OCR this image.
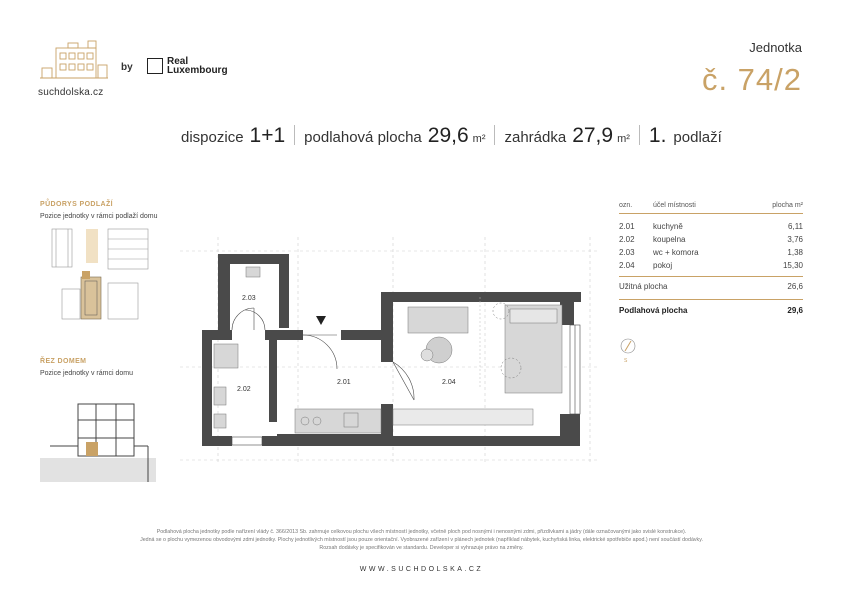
suchdolska.cz
by
Real
Luxembourg
Jednotka
č. 74/2
dispozice 1+1 podlahová plocha 29,6 m² zahrádka 27,9 m² 1. podlaží
PŮDORYS PODLAŽÍ
Pozice jednotky v rámci podlaží domu
ŘEZ DOMEM
Pozice jednotky v rámci domu
2.03
2.02
2.01	2.04
ozn.	účel místnosti	plocha m²
2.01	kuchyně	6,11
2.02	koupelna	3,76
2.03	wc + komora	1,38
2.04	pokoj	15,30
Užitná plocha	26,6
Podlahová plocha	29,6
S
Podlahová plocha jednotky podle nařízení vlády č. 366/2013 Sb. zahrnuje celkovou plochu všech místností jednotky, včetně ploch pod nosnými i nenosnými zdmi, přizdívkami a jádry (dále označovanými jako svislé konstrukce).
Jedná se o plochu vymezenou obvodovými zdmi jednotky. Plochy jednotlivých místností jsou pouze orientační. Vyobrazené zařízení v plánech jednotek (například nábytek, kuchyňská linka, elektrické spotřebiče apod.) není součástí dodávky.
Rozsah dodávky je specifikován ve standardu. Developer si vyhrazuje právo na změny.
WWW.SUCHDOLSKA.CZ
